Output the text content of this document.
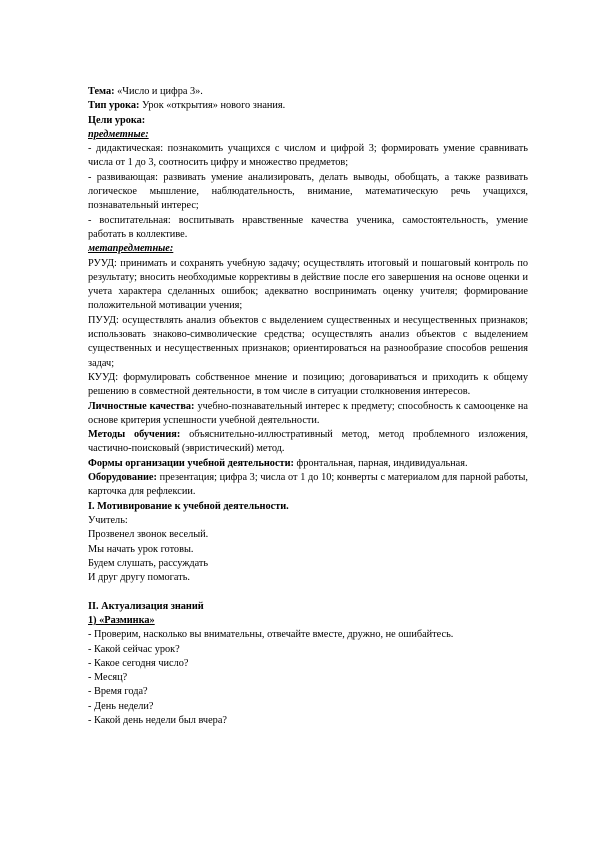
Тема: «Число и цифра 3».
Тип урока: Урок «открытия» нового знания.
Цели урока:
предметные:
- дидактическая: познакомить учащихся с числом и цифрой 3; формировать умение сравнивать числа от 1 до 3, соотносить цифру и множество предметов;
- развивающая: развивать умение анализировать, делать выводы, обобщать, а также развивать логическое мышление, наблюдательность, внимание, математическую речь учащихся, познавательный интерес;
- воспитательная: воспитывать нравственные качества ученика, самостоятельность, умение работать в коллективе.
метапредметные:
РУУД: принимать и сохранять учебную задачу; осуществлять итоговый и пошаговый контроль по результату; вносить необходимые коррективы в действие после его завершения на основе оценки и учета характера сделанных ошибок; адекватно воспринимать оценку учителя; формирование положительной мотивации учения;
ПУУД: осуществлять анализ объектов с выделением существенных и несущественных признаков; использовать знаково-символические средства; осуществлять анализ объектов с выделением существенных и несущественных признаков; ориентироваться на разнообразие способов решения задач;
КУУД: формулировать собственное мнение и позицию; договариваться и приходить к общему решению в совместной деятельности, в том числе в ситуации столкновения интересов.
Личностные качества: учебно-познавательный интерес к предмету; способность к самооценке на основе критерия успешности учебной деятельности.
Методы обучения: объяснительно-иллюстративный метод, метод проблемного изложения, частично-поисковый (эвристический) метод.
Формы организации учебной деятельности: фронтальная, парная, индивидуальная.
Оборудование: презентация; цифра 3; числа от 1 до 10; конверты с материалом для парной работы, карточка для рефлексии.
I. Мотивирование к учебной деятельности.
Учитель:
Прозвенел звонок веселый.
Мы начать урок готовы.
Будем слушать, рассуждать
И друг другу помогать.
II. Актуализация знаний
1) «Разминка»
- Проверим, насколько вы внимательны, отвечайте вместе, дружно, не ошибайтесь.
- Какой сейчас урок?
- Какое сегодня число?
- Месяц?
- Время года?
- День недели?
- Какой день недели был вчера?
